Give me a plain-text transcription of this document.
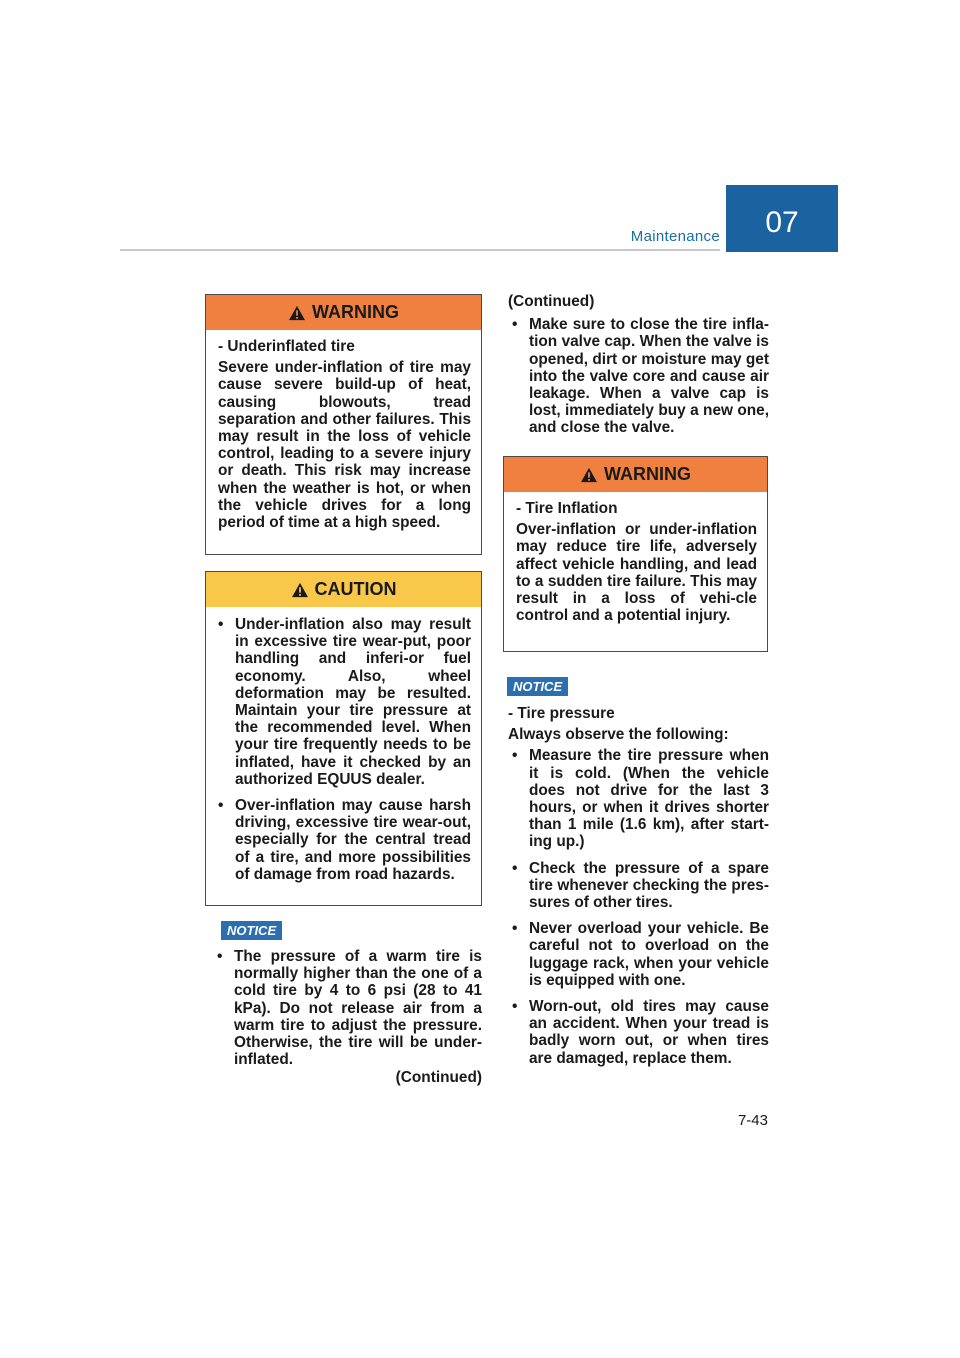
Maintenance	07
WARNING

- Underinflated tire

Severe under-inflation of tire may cause severe build-up of heat, causing blowouts, tread separation and other failures. This may result in the loss of vehicle control, leading to a severe injury or death. This risk may increase when the weather is hot, or when the vehicle drives for a long period of time at a high speed.

CAUTION
• Under-inflation also may result in excessive tire wear-put, poor handling and inferi-or fuel economy. Also, wheel deformation may be resulted. Maintain your tire pressure at the recommended level. When your tire frequently needs to be inflated, have it checked by an authorized EQUUS dealer.
• Over-inflation may cause harsh driving, excessive tire wear-out, especially for the central tread of a tire, and more possibilities of damage from road hazards.
NOTICE
• The pressure of a warm tire is normally higher than the one of a cold tire by 4 to 6 psi (28 to 41 kPa). Do not release air from a warm tire to adjust the pressure. Otherwise, the tire will be under-inflated.

(Continued)

(Continued)

• Make sure to close the tire infla-tion valve cap. When the valve is opened, dirt or moisture may get into the valve core and cause air leakage. When a valve cap is lost, immediately buy a new one, and close the valve.
WARNING

- Tire Inflation

Over-inflation or under-inflation may reduce tire life, adversely affect vehicle handling, and lead to a sudden tire failure. This may result in a loss of vehi-cle control and a potential injury.

NOTICE

- Tire pressure

Always observe the following:

• Measure the tire pressure when it is cold. (When the vehicle does not drive for the last 3 hours, or when it drives shorter than 1 mile (1.6 km), after start-ing up.)
• Check the pressure of a spare tire whenever checking the pres-sures of other tires.
• Never overload your vehicle. Be careful not to overload on the luggage rack, when your vehicle is equipped with one.
• Worn-out, old tires may cause an accident. When your tread is badly worn out, or when tires are damaged, replace them.
7-43
